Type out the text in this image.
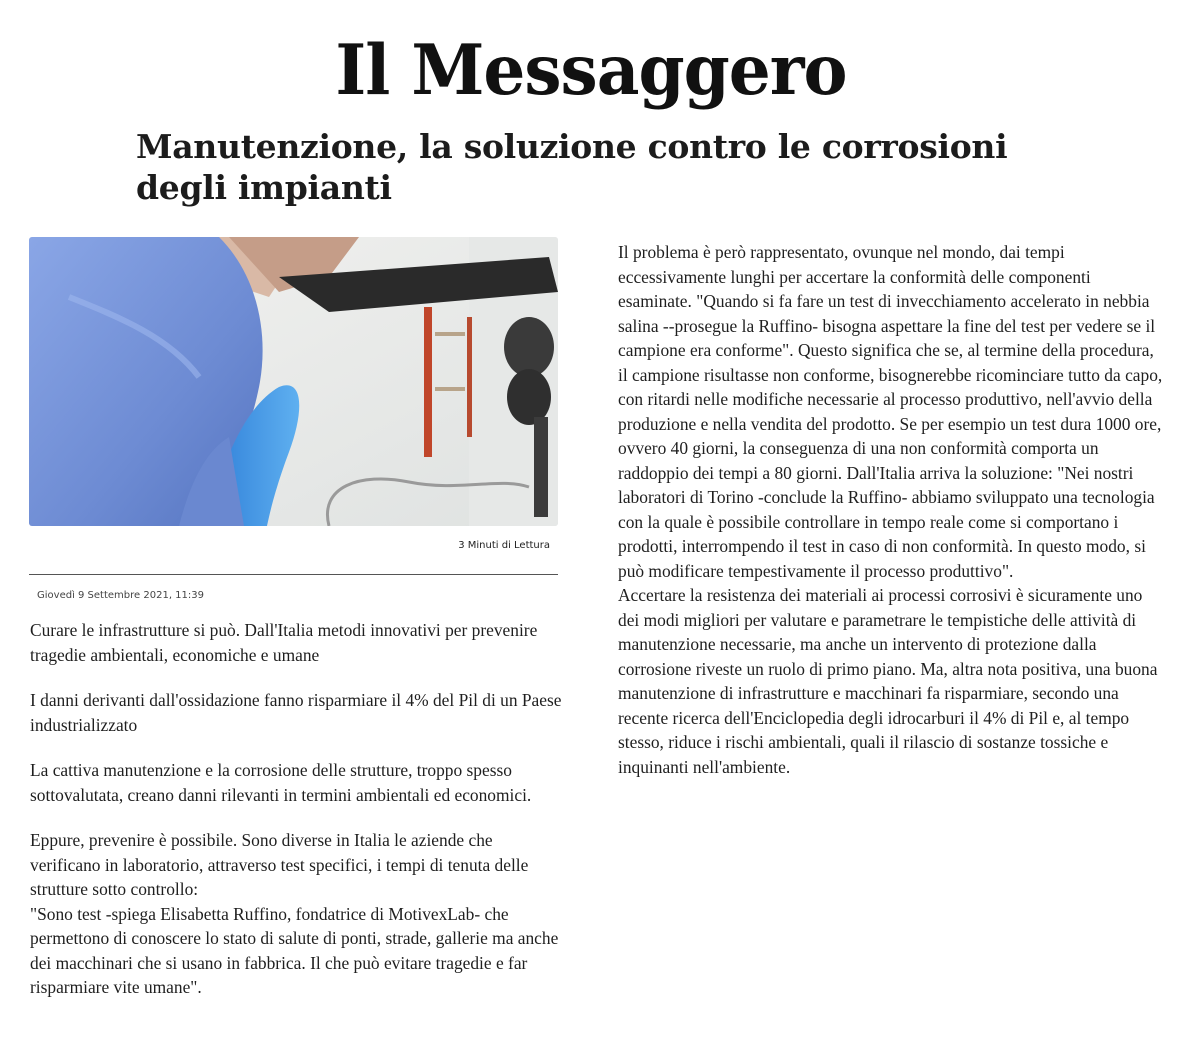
Il Messaggero
Manutenzione, la soluzione contro le corrosioni degli impianti
3 Minuti di Lettura
Giovedì 9 Settembre 2021, 11:39

Curare le infrastrutture si può. Dall'Italia metodi innovativi per prevenire tragedie ambientali, economiche e umane

I danni derivanti dall'ossidazione fanno risparmiare il 4% del Pil di un Paese industrializzato

La cattiva manutenzione e la corrosione delle strutture, troppo spesso sottovalutata, creano danni rilevanti in termini ambientali ed economici.

Eppure, prevenire è possibile. Sono diverse in Italia le aziende che verificano in laboratorio, attraverso test specifici, i tempi di tenuta delle strutture sotto controllo:

"Sono test -spiega Elisabetta Ruffino, fondatrice di MotivexLab- che permettono di conoscere lo stato di salute di ponti, strade, gallerie ma anche dei macchinari che si usano in fabbrica. Il che può evitare tragedie e far risparmiare vite umane".

Il problema è però rappresentato, ovunque nel mondo, dai tempi eccessivamente lunghi per accertare la conformità delle componenti esaminate. "Quando si fa fare un test di invecchiamento accelerato in nebbia salina --prosegue la Ruffino- bisogna aspettare la fine del test per vedere se il campione era conforme". Questo significa che se, al termine della procedura, il campione risultasse non conforme, bisognerebbe ricominciare tutto da capo, con ritardi nelle modifiche necessarie al processo produttivo, nell'avvio della produzione e nella vendita del prodotto. Se per esempio un test dura 1000 ore, ovvero 40 giorni, la conseguenza di una non conformità comporta un raddoppio dei tempi a 80 giorni. Dall'Italia arriva la soluzione: "Nei nostri laboratori di Torino -conclude la Ruffino- abbiamo sviluppato una tecnologia con la quale è possibile controllare in tempo reale come si comportano i prodotti, interrompendo il test in caso di non conformità. In questo modo, si può modificare tempestivamente il processo produttivo".

Accertare la resistenza dei materiali ai processi corrosivi è sicuramente uno dei modi migliori per valutare e parametrare le tempistiche delle attività di manutenzione necessarie, ma anche un intervento di protezione dalla corrosione riveste un ruolo di primo piano. Ma, altra nota positiva, una buona manutenzione di infrastrutture e macchinari fa risparmiare, secondo una recente ricerca dell'Enciclopedia degli idrocarburi il 4% di Pil e, al tempo stesso, riduce i rischi ambientali, quali il rilascio di sostanze tossiche e inquinanti nell'ambiente.
